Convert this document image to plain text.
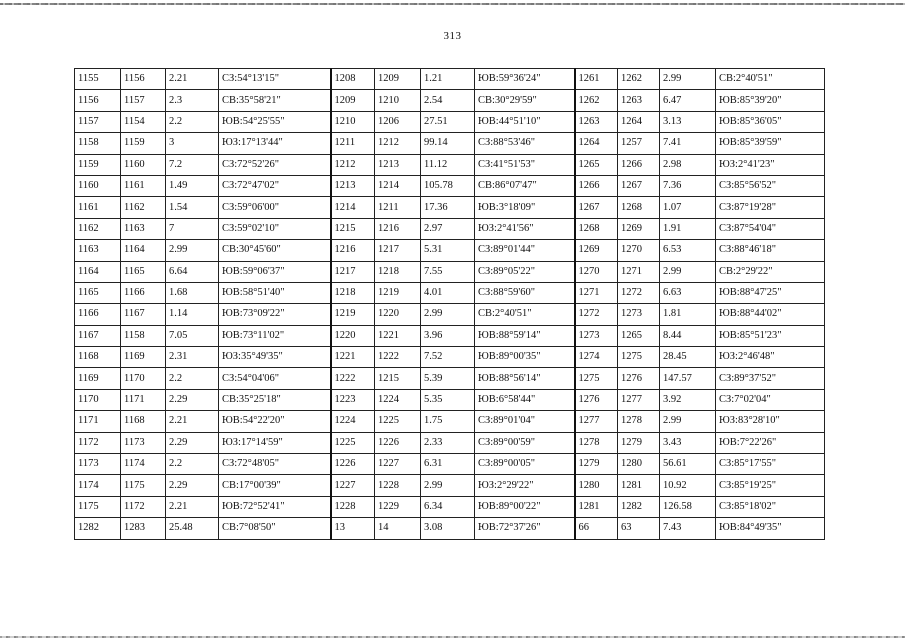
313
1155	1156	2.21	СЗ:54°13'15"	1208	1209	1.21	ЮВ:59°36'24"	1261	1262	2.99	СВ:2°40'51"
1156	1157	2.3	СВ:35°58'21"	1209	1210	2.54	СВ:30°29'59"	1262	1263	6.47	ЮВ:85°39'20"
1157	1154	2.2	ЮВ:54°25'55"	1210	1206	27.51	ЮВ:44°51'10"	1263	1264	3.13	ЮВ:85°36'05"
1158	1159	3	ЮЗ:17°13'44"	1211	1212	99.14	СЗ:88°53'46"	1264	1257	7.41	ЮВ:85°39'59"
1159	1160	7.2	СЗ:72°52'26"	1212	1213	11.12	СЗ:41°51'53"	1265	1266	2.98	ЮЗ:2°41'23"
1160	1161	1.49	СЗ:72°47'02"	1213	1214	105.78	СВ:86°07'47"	1266	1267	7.36	СЗ:85°56'52"
1161	1162	1.54	СЗ:59°06'00"	1214	1211	17.36	ЮВ:3°18'09"	1267	1268	1.07	СЗ:87°19'28"
1162	1163	7	СЗ:59°02'10"	1215	1216	2.97	ЮЗ:2°41'56"	1268	1269	1.91	СЗ:87°54'04"
1163	1164	2.99	СВ:30°45'60"	1216	1217	5.31	СЗ:89°01'44"	1269	1270	6.53	СЗ:88°46'18"
1164	1165	6.64	ЮВ:59°06'37"	1217	1218	7.55	СЗ:89°05'22"	1270	1271	2.99	СВ:2°29'22"
1165	1166	1.68	ЮВ:58°51'40"	1218	1219	4.01	СЗ:88°59'60"	1271	1272	6.63	ЮВ:88°47'25"
1166	1167	1.14	ЮВ:73°09'22"	1219	1220	2.99	СВ:2°40'51"	1272	1273	1.81	ЮВ:88°44'02"
1167	1158	7.05	ЮВ:73°11'02"	1220	1221	3.96	ЮВ:88°59'14"	1273	1265	8.44	ЮВ:85°51'23"
1168	1169	2.31	ЮЗ:35°49'35"	1221	1222	7.52	ЮВ:89°00'35"	1274	1275	28.45	ЮЗ:2°46'48"
1169	1170	2.2	СЗ:54°04'06"	1222	1215	5.39	ЮВ:88°56'14"	1275	1276	147.57	СЗ:89°37'52"
1170	1171	2.29	СВ:35°25'18"	1223	1224	5.35	ЮВ:6°58'44"	1276	1277	3.92	СЗ:7°02'04"
1171	1168	2.21	ЮВ:54°22'20"	1224	1225	1.75	СЗ:89°01'04"	1277	1278	2.99	ЮЗ:83°28'10"
1172	1173	2.29	ЮЗ:17°14'59"	1225	1226	2.33	СЗ:89°00'59"	1278	1279	3.43	ЮВ:7°22'26"
1173	1174	2.2	СЗ:72°48'05"	1226	1227	6.31	СЗ:89°00'05"	1279	1280	56.61	СЗ:85°17'55"
1174	1175	2.29	СВ:17°00'39"	1227	1228	2.99	ЮЗ:2°29'22"	1280	1281	10.92	СЗ:85°19'25"
1175	1172	2.21	ЮВ:72°52'41"	1228	1229	6.34	ЮВ:89°00'22"	1281	1282	126.58	СЗ:85°18'02"
1282	1283	25.48	СВ:7°08'50"	13	14	3.08	ЮВ:72°37'26"	66	63	7.43	ЮВ:84°49'35"
